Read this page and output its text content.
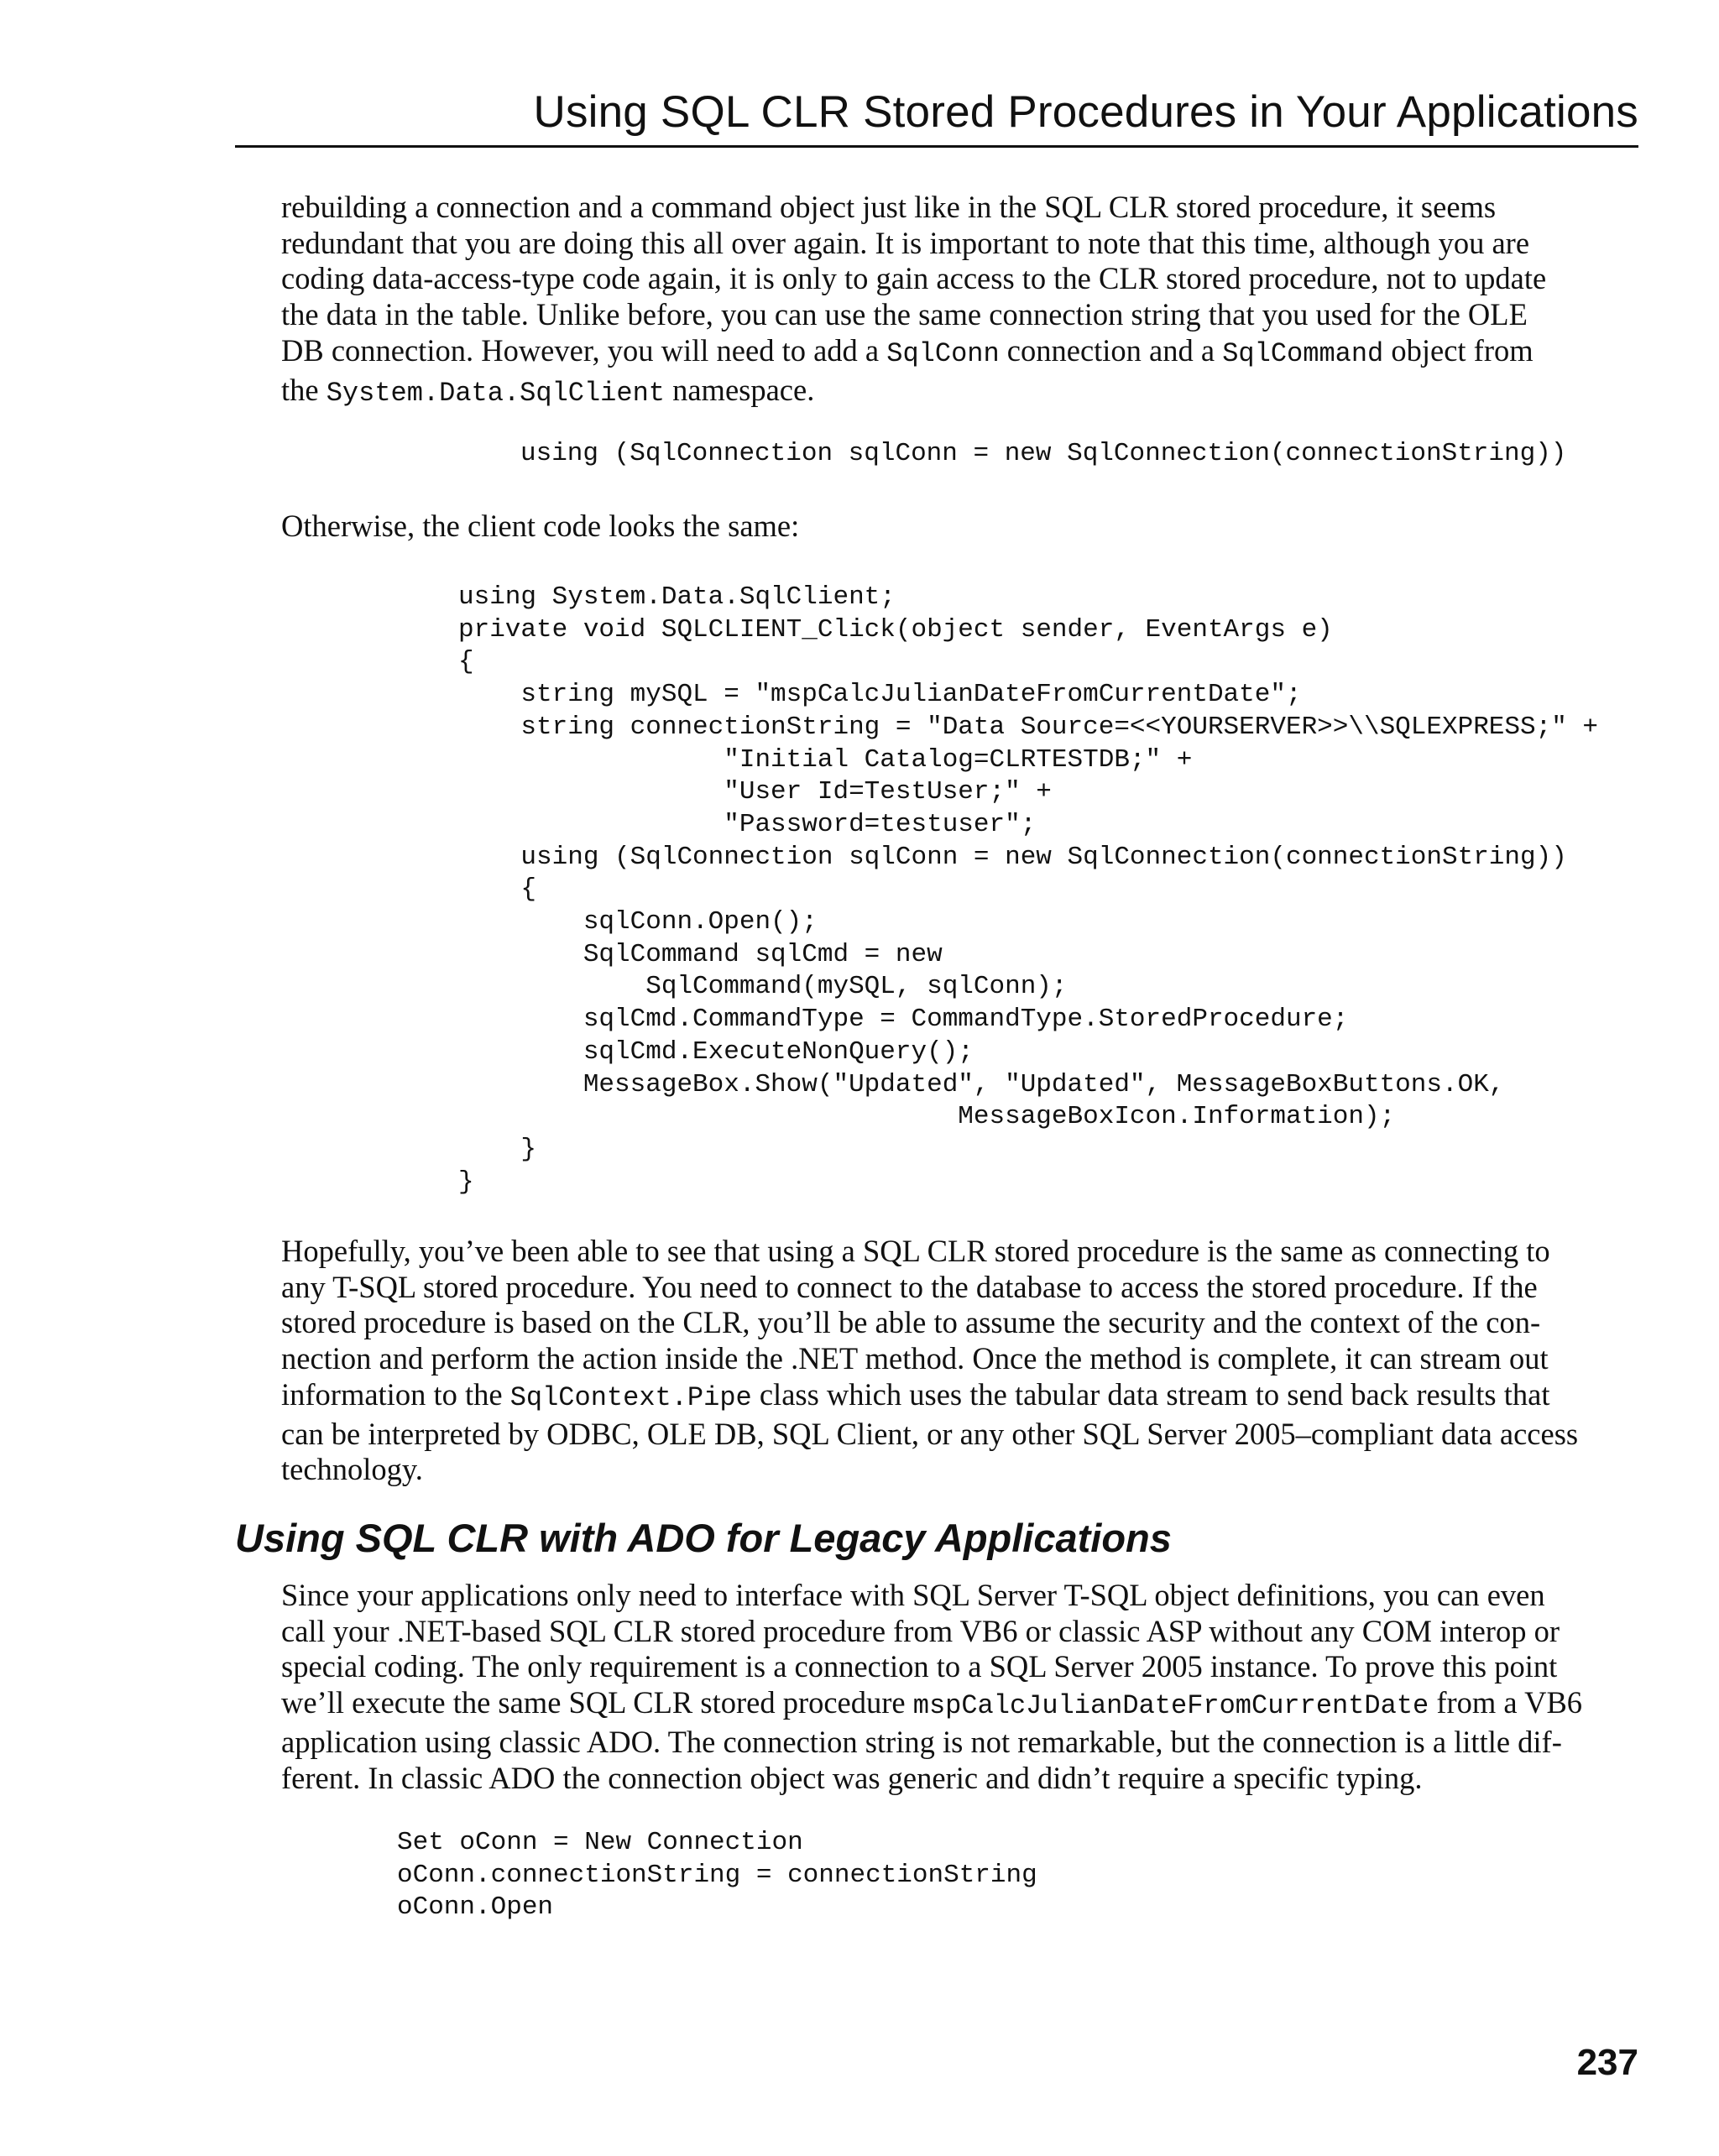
Using SQL CLR Stored Procedures in Your Applications

rebuilding a connection and a command object just like in the SQL CLR stored procedure, it seems
redundant that you are doing this all over again. It is important to note that this time, although you are
coding data-access-type code again, it is only to gain access to the CLR stored procedure, not to update
the data in the table. Unlike before, you can use the same connection string that you used for the OLE
DB connection. However, you will need to add a SqlConn connection and a SqlCommand object from
the System.Data.SqlClient namespace.

using (SqlConnection sqlConn = new SqlConnection(connectionString))

Otherwise, the client code looks the same:

using System.Data.SqlClient;
private void SQLCLIENT_Click(object sender, EventArgs e)
{
string mySQL = "mspCalcJulianDateFromCurrentDate";
string connectionString = "Data Source=<<YOURSERVER>>\\SQLEXPRESS;" +
"Initial Catalog=CLRTESTDB;" +
"User Id=TestUser;" +
"Password=testuser";
using (SqlConnection sqlConn = new SqlConnection(connectionString))
{
sqlConn.Open();
SqlCommand sqlCmd = new
SqlCommand(mySQL, sqlConn);
sqlCmd.CommandType = CommandType.StoredProcedure;
sqlCmd.ExecuteNonQuery();
MessageBox.Show("Updated", "Updated", MessageBoxButtons.OK,
MessageBoxIcon.Information);
}
}

Hopefully, you’ve been able to see that using a SQL CLR stored procedure is the same as connecting to
any T-SQL stored procedure. You need to connect to the database to access the stored procedure. If the
stored procedure is based on the CLR, you’ll be able to assume the security and the context of the con-
nection and perform the action inside the .NET method. Once the method is complete, it can stream out
information to the SqlContext.Pipe class which uses the tabular data stream to send back results that
can be interpreted by ODBC, OLE DB, SQL Client, or any other SQL Server 2005–compliant data access
technology.

Using SQL CLR with ADO for Legacy Applications

Since your applications only need to interface with SQL Server T-SQL object definitions, you can even
call your .NET-based SQL CLR stored procedure from VB6 or classic ASP without any COM interop or
special coding. The only requirement is a connection to a SQL Server 2005 instance. To prove this point
we’ll execute the same SQL CLR stored procedure mspCalcJulianDateFromCurrentDate from a VB6
application using classic ADO. The connection string is not remarkable, but the connection is a little dif-
ferent. In classic ADO the connection object was generic and didn’t require a specific typing.

Set oConn = New Connection
oConn.connectionString = connectionString
oConn.Open
237
